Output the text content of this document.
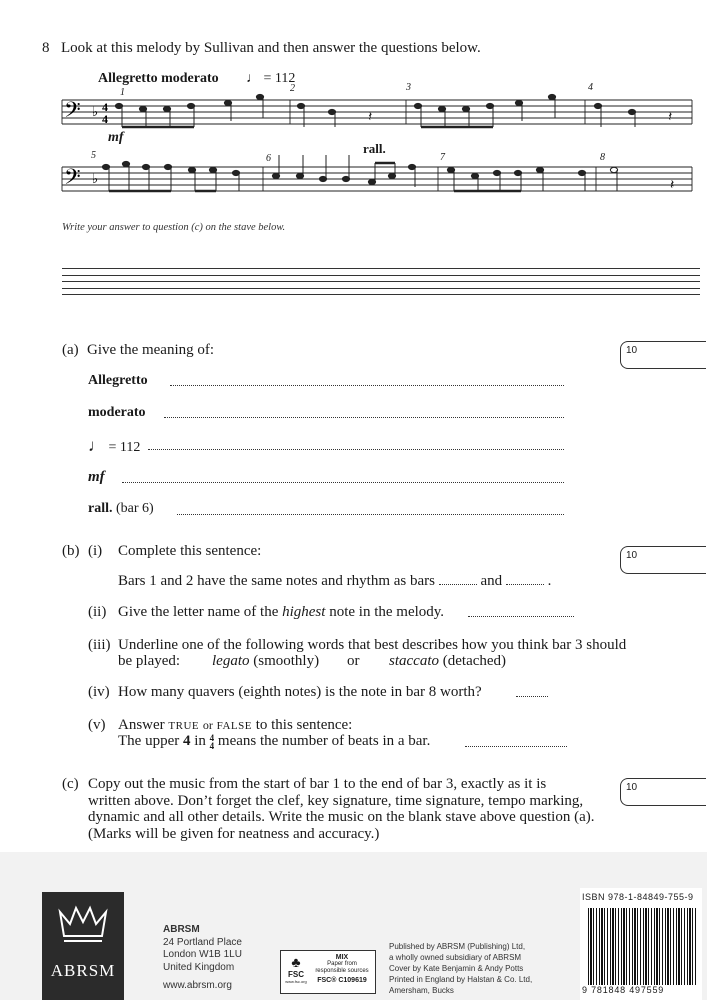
8 Look at this melody by Sullivan and then answer the questions below.
Allegretto moderato ♩ = 112
𝄢
𝄢
♭
♭
4
4	𝄽	𝄽
𝄽
1	2	3	4
5	6	7	8
mf
rall.
Write your answer to question (c) on the stave below.
(a) Give the meaning of:	10
Allegretto
moderato
♩ = 112
mf
rall. (bar 6)
(b) (i) Complete this sentence:	10
Bars 1 and 2 have the same notes and rhythm as bars	and	.
(ii) Give the letter name of the highest note in the melody.
(iii) Underline one of the following words that best describes how you think bar 3 should
be played: legato (smoothly) or staccato (detached)
(iv) How many quavers (eighth notes) is the note in bar 8 worth?
(v) Answer TRUE or FALSE to this sentence:
The upper 4 in 4
4 means the number of beats in a bar.
(c) Copy out the music from the start of bar 1 to the end of bar 3, exactly as it is
written above. Don’t forget the clef, key signature, time signature, tempo marking,
dynamic and all other details. Write the music on the blank stave above question (a).
(Marks will be given for neatness and accuracy.)
10
ABRSM
ABRSM
24 Portland Place
London W1B 1LU
United Kingdom
www.abrsm.org
♣
FSC
www.fsc.org
MIX
Paper from
responsible sources
FSC® C109619
Published by ABRSM (Publishing) Ltd,
a wholly owned subsidiary of ABRSM
Cover by Kate Benjamin & Andy Potts
Printed in England by Halstan & Co. Ltd,
Amersham, Bucks
ISBN 978-1-84849-755-9
9 781848 497559
